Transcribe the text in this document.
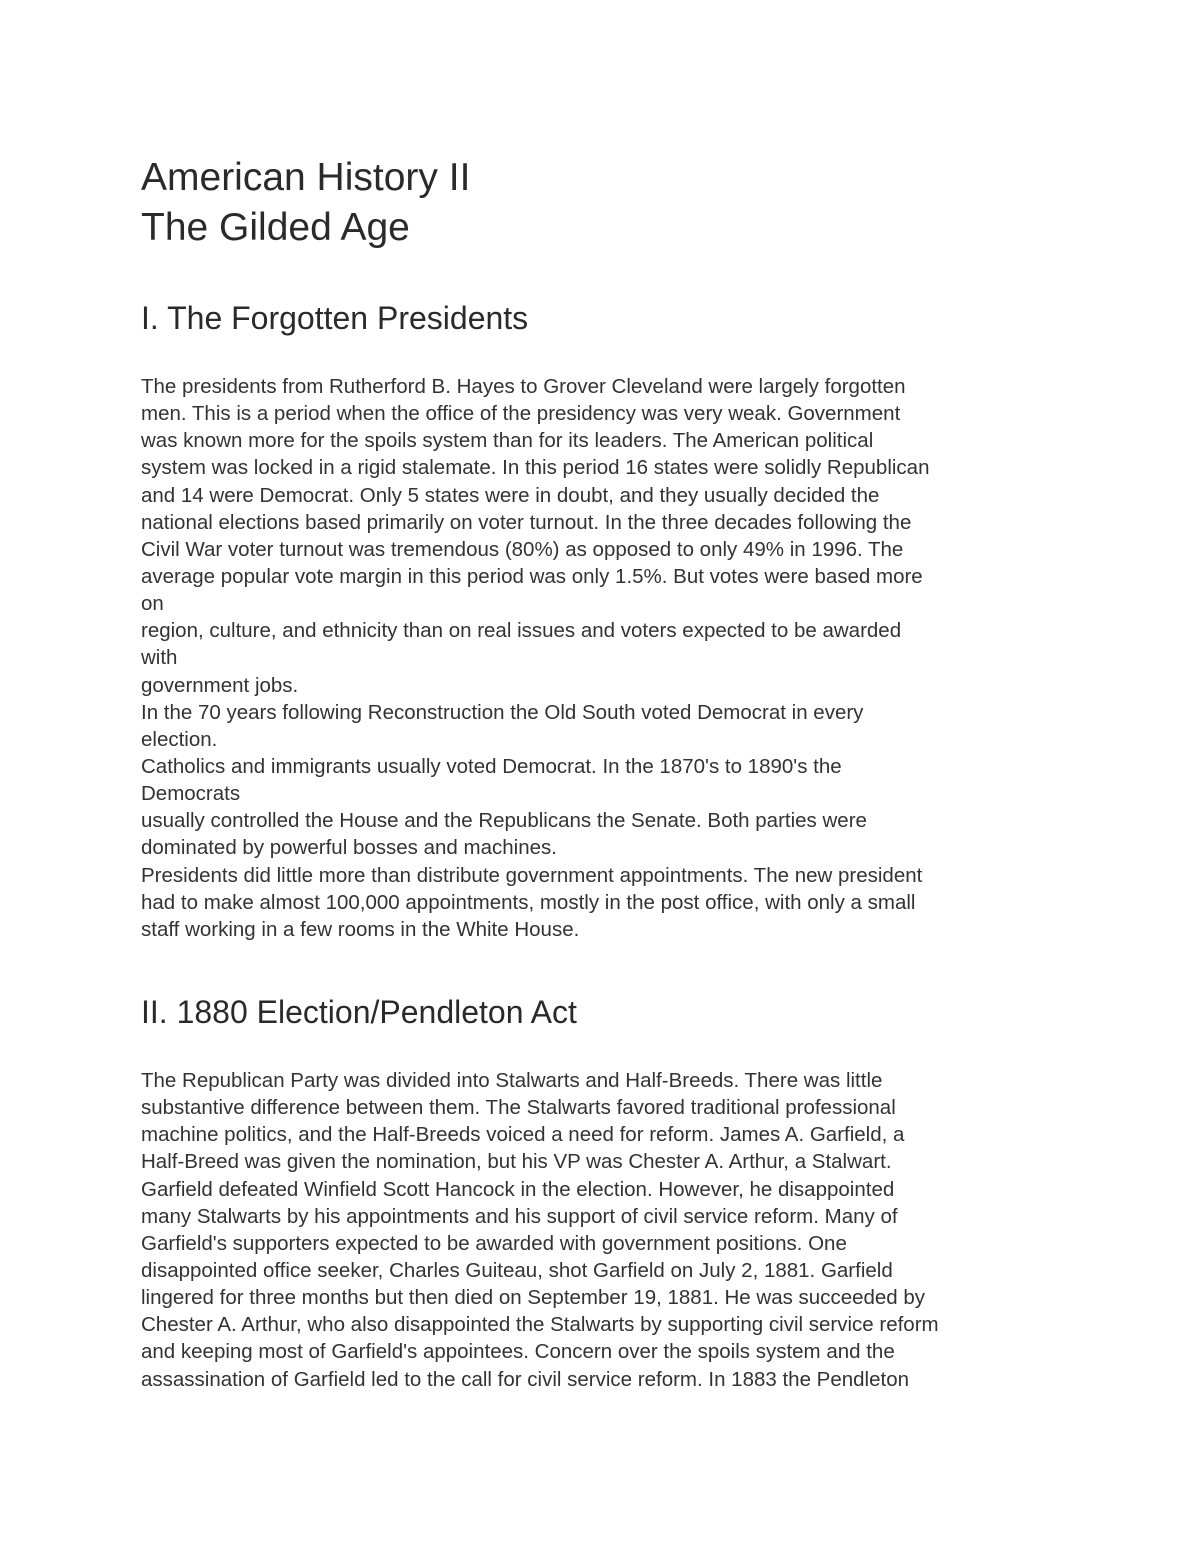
American History II
The Gilded Age
I. The Forgotten Presidents
The presidents from Rutherford B. Hayes to Grover Cleveland were largely forgotten
men. This is a period when the office of the presidency was very weak. Government
was known more for the spoils system than for its leaders. The American political
system was locked in a rigid stalemate. In this period 16 states were solidly Republican
and 14 were Democrat. Only 5 states were in doubt, and they usually decided the
national elections based primarily on voter turnout. In the three decades following the
Civil War voter turnout was tremendous (80%) as opposed to only 49% in 1996. The
average popular vote margin in this period was only 1.5%. But votes were based more
on
region, culture, and ethnicity than on real issues and voters expected to be awarded
with
government jobs.
In the 70 years following Reconstruction the Old South voted Democrat in every
election.
Catholics and immigrants usually voted Democrat. In the 1870's to 1890's the
Democrats
usually controlled the House and the Republicans the Senate. Both parties were
dominated by powerful bosses and machines.
Presidents did little more than distribute government appointments. The new president
had to make almost 100,000 appointments, mostly in the post office, with only a small
staff working in a few rooms in the White House.
II. 1880 Election/Pendleton Act
The Republican Party was divided into Stalwarts and Half-Breeds. There was little
substantive difference between them. The Stalwarts favored traditional professional
machine politics, and the Half-Breeds voiced a need for reform. James A. Garfield, a
Half-Breed was given the nomination, but his VP was Chester A. Arthur, a Stalwart.
Garfield defeated Winfield Scott Hancock in the election. However, he disappointed
many Stalwarts by his appointments and his support of civil service reform. Many of
Garfield's supporters expected to be awarded with government positions. One
disappointed office seeker, Charles Guiteau, shot Garfield on July 2, 1881. Garfield
lingered for three months but then died on September 19, 1881. He was succeeded by
Chester A. Arthur, who also disappointed the Stalwarts by supporting civil service reform
and keeping most of Garfield's appointees. Concern over the spoils system and the
assassination of Garfield led to the call for civil service reform. In 1883 the Pendleton
